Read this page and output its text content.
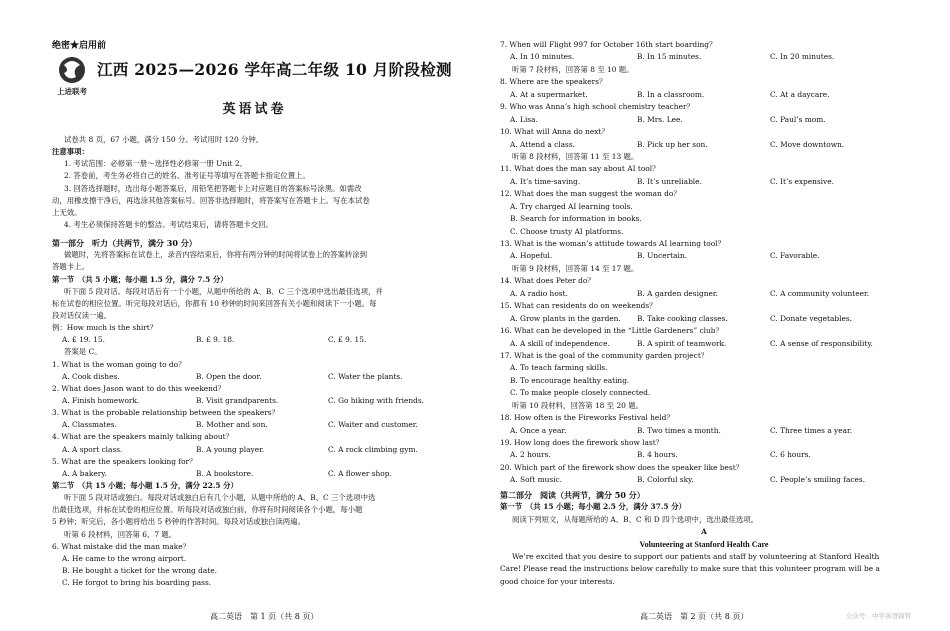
绝密★启用前
上进联考
江西 2025—2026 学年高二年级 10 月阶段检测
英语试卷
试卷共 8 页，67 小题，满分 150 分。考试用时 120 分钟。
注意事项：
1. 考试范围：必修第一册～选择性必修第一册 Unit 2。
2. 答卷前，考生务必将自己的姓名、准考证号等填写在答题卡指定位置上。
3. 回答选择题时，选出每小题答案后，用铅笔把答题卡上对应题目的答案标号涂黑。如需改
动，用橡皮擦干净后，再选涂其他答案标号。回答非选择题时，将答案写在答题卡上。写在本试卷
上无效。
4. 考生必须保持答题卡的整洁。考试结束后，请将答题卡交回。
第一部分　听力（共两节，满分 30 分）
做题时，先将答案标在试卷上，录音内容结束后，你将有两分钟的时间将试卷上的答案转涂到
答题卡上。
第一节　（共 5 小题；每小题 1.5 分，满分 7.5 分）
听下面 5 段对话。每段对话后有一个小题，从题中所给的 A、B、C 三个选项中选出最佳选项，并
标在试卷的相应位置。听完每段对话后，你都有 10 秒钟的时间来回答有关小题和阅读下一小题。每
段对话仅读一遍。
例：How much is the shirt？
A. £ 19. 15.	B. £ 9. 18.	C. £ 9. 15.
答案是 C。
1. What is the woman going to do？
A. Cook dishes.	B. Open the door.	C. Water the plants.
2. What does Jason want to do this weekend？
A. Finish homework.	B. Visit grandparents.	C. Go hiking with friends.
3. What is the probable relationship between the speakers？
A. Classmates.	B. Mother and son.	C. Waiter and customer.
4. What are the speakers mainly talking about？
A. A sport class.	B. A young player.	C. A rock climbing gym.
5. What are the speakers looking for？
A. A bakery.	B. A bookstore.	C. A flower shop.
第二节　（共 15 小题；每小题 1.5 分，满分 22.5 分）
听下面 5 段对话或独白。每段对话或独白后有几个小题，从题中所给的 A、B、C 三个选项中选
出最佳选项，并标在试卷的相应位置。听每段对话或独白前，你将有时间阅读各个小题，每小题
5 秒钟；听完后，各小题将给出 5 秒钟的作答时间。每段对话或独白读两遍。
听第 6 段材料，回答第 6、7 题。
6. What mistake did the man make？
A. He came to the wrong airport.
B. He bought a ticket for the wrong date.
C. He forgot to bring his boarding pass.
7. When will Flight 997 for October 16th start boarding？
A. In 10 minutes.	B. In 15 minutes.	C. In 20 minutes.
听第 7 段材料，回答第 8 至 10 题。
8. Where are the speakers？
A. At a supermarket.	B. In a classroom.	C. At a daycare.
9. Who was Anna’s high school chemistry teacher？
A. Lisa.	B. Mrs. Lee.	C. Paul’s mom.
10. What will Anna do next？
A. Attend a class.	B. Pick up her son.	C. Move downtown.
听第 8 段材料，回答第 11 至 13 题。
11. What does the man say about AI tool？
A. It’s time-saving.	B. It’s unreliable.	C. It’s expensive.
12. What does the man suggest the woman do？
A. Try charged AI learning tools.
B. Search for information in books.
C. Choose trusty AI platforms.
13. What is the woman’s attitude towards AI learning tool？
A. Hopeful.	B. Uncertain.	C. Favorable.
听第 9 段材料，回答第 14 至 17 题。
14. What does Peter do？
A. A radio host.	B. A garden designer.	C. A community volunteer.
15. What can residents do on weekends？
A. Grow plants in the garden.	B. Take cooking classes.	C. Donate vegetables.
16. What can be developed in the “Little Gardeners” club？
A. A skill of independence.	B. A spirit of teamwork.	C. A sense of responsibility.
17. What is the goal of the community garden project？
A. To teach farming skills.
B. To encourage healthy eating.
C. To make people closely connected.
听第 10 段材料，回答第 18 至 20 题。
18. How often is the Fireworks Festival held？
A. Once a year.	B. Two times a month.	C. Three times a year.
19. How long does the firework show last？
A. 2 hours.	B. 4 hours.	C. 6 hours.
20. Which part of the firework show does the speaker like best？
A. Soft music.	B. Colorful sky.	C. People’s smiling faces.
第二部分　阅读（共两节，满分 50 分）
第一节　（共 15 小题；每小题 2.5 分，满分 37.5 分）
阅读下列短文，从每题所给的 A、B、C 和 D 四个选项中，选出最佳选项。
A
Volunteering at Stanford Health Care
We’re excited that you desire to support our patients and staff by volunteering at Stanford Health
Care! Please read the instructions below carefully to make sure that this volunteer program will be a
good choice for your interests.
高二英语　第 1 页（共 8 页）	高二英语　第 2 页（共 8 页）	公众号：中学英语锦管
